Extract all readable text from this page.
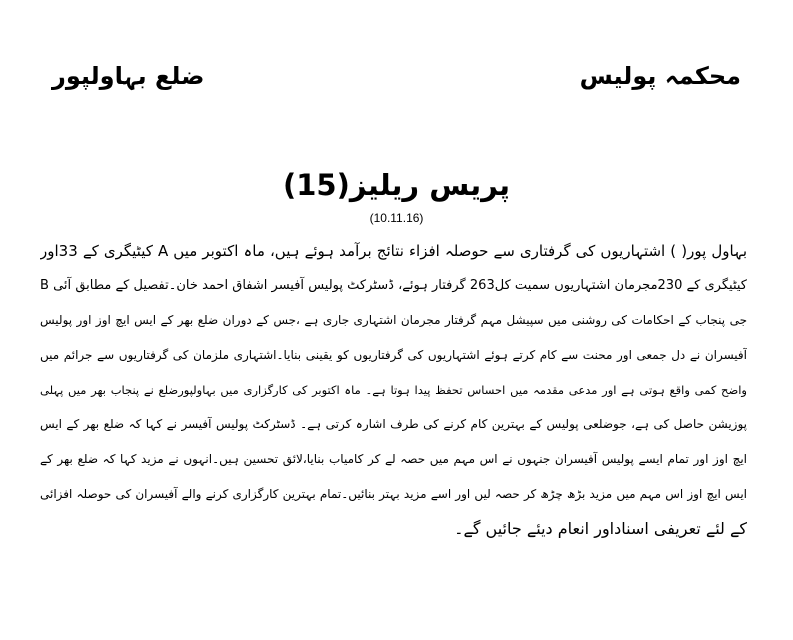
محکمہ پولیس
ضلع بہاولپور
پریس ریلیز(15)
(10.11.16)
بہاول پور( ) اشتہاریوں کی گرفتاری سے حوصلہ افزاء نتائج برآمد ہوئے ہیں، ماہ اکتوبر میں A کیٹیگری کے 33اور
B کیٹیگری کے 230مجرمان اشتہاریوں سمیت کل263 گرفتار ہوئے، ڈسٹرکٹ پولیس آفیسر اشفاق احمد خان۔تفصیل کے مطابق آئی
جی پنجاب کے احکامات کی روشنی میں سپیشل مہم گرفتار مجرمان اشتہاری جاری ہے ،جس کے دوران ضلع بھر کے ایس ایچ اوز اور پولیس
آفیسران نے دل جمعی اور محنت سے کام کرتے ہوئے اشتہاریوں کی گرفتاریوں کو یقینی بنایا۔اشتہاری ملزمان کی گرفتاریوں سے جرائم میں
واضح کمی واقع ہوتی ہے اور مدعی مقدمہ میں احساس تحفظ پیدا ہوتا ہے۔ ماہ اکتوبر کی کارگزاری میں بہاولپورضلع نے پنجاب بھر میں پہلی
پوزیشن حاصل کی ہے، جوضلعی پولیس کے بہترین کام کرنے کی طرف اشارہ کرتی ہے۔ ڈسٹرکٹ پولیس آفیسر نے کہا کہ ضلع بھر کے ایس
ایچ اوز اور تمام ایسے پولیس آفیسران جنہوں نے اس مہم میں حصہ لے کر کامیاب بنایا،لائق تحسین ہیں۔انہوں نے مزید کہا کہ ضلع بھر کے
ایس ایچ اوز اس مہم میں مزید بڑھ چڑھ کر حصہ لیں اور اسے مزید بہتر بنائیں۔تمام بہترین کارگزاری کرنے والے آفیسران کی حوصلہ افزائی
کے لئے تعریفی اسناداور انعام دیئے جائیں گے۔
